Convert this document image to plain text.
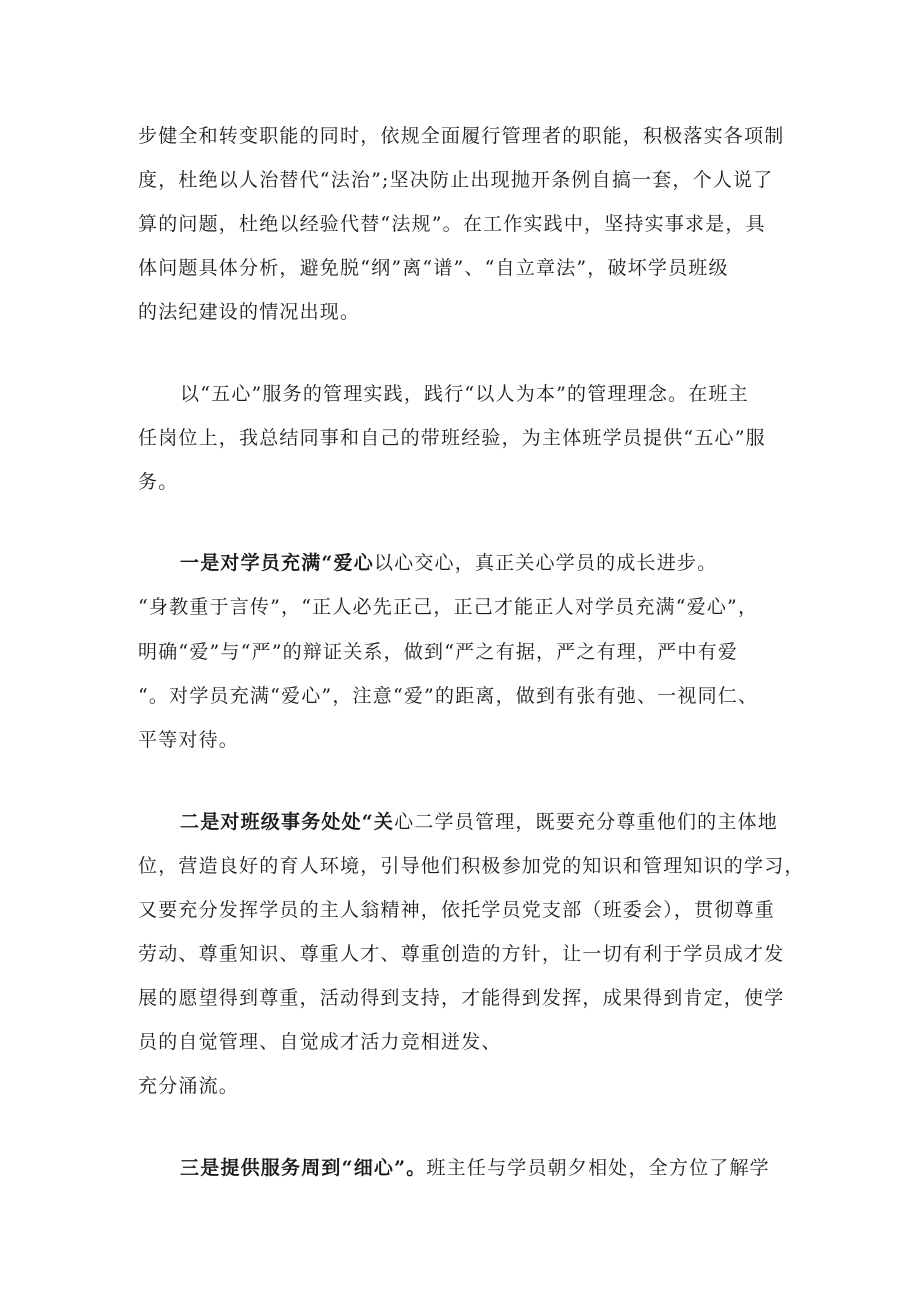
步健全和转变职能的同时，依规全面履行管理者的职能，积极落实各项制
度，杜绝以人治替代“法治”;坚决防止出现抛开条例自搞一套，个人说了
算的问题，杜绝以经验代替“法规”。在工作实践中，坚持实事求是，具
体问题具体分析，避免脱“纲”离“谱”、“自立章法”，破坏学员班级
的法纪建设的情况出现。
以“五心”服务的管理实践，践行“以人为本”的管理理念。在班主
任岗位上，我总结同事和自己的带班经验，为主体班学员提供“五心”服
务。
一是对学员充满“爱心以心交心，真正关心学员的成长进步。
“身教重于言传”，“正人必先正己，正己才能正人对学员充满“爱心”，
明确“爱”与“严”的辩证关系，做到“严之有据，严之有理，严中有爱
“。对学员充满“爱心”，注意“爱”的距离，做到有张有弛、一视同仁、
平等对待。
二是对班级事务处处“关心二学员管理，既要充分尊重他们的主体地
位，营造良好的育人环境，引导他们积极参加党的知识和管理知识的学习，
又要充分发挥学员的主人翁精神，依托学员党支部（班委会），贯彻尊重
劳动、尊重知识、尊重人才、尊重创造的方针，让一切有利于学员成才发
展的愿望得到尊重，活动得到支持，才能得到发挥，成果得到肯定，使学
员的自觉管理、自觉成才活力竞相迸发、
充分涌流。
三是提供服务周到“细心”。班主任与学员朝夕相处，全方位了解学
